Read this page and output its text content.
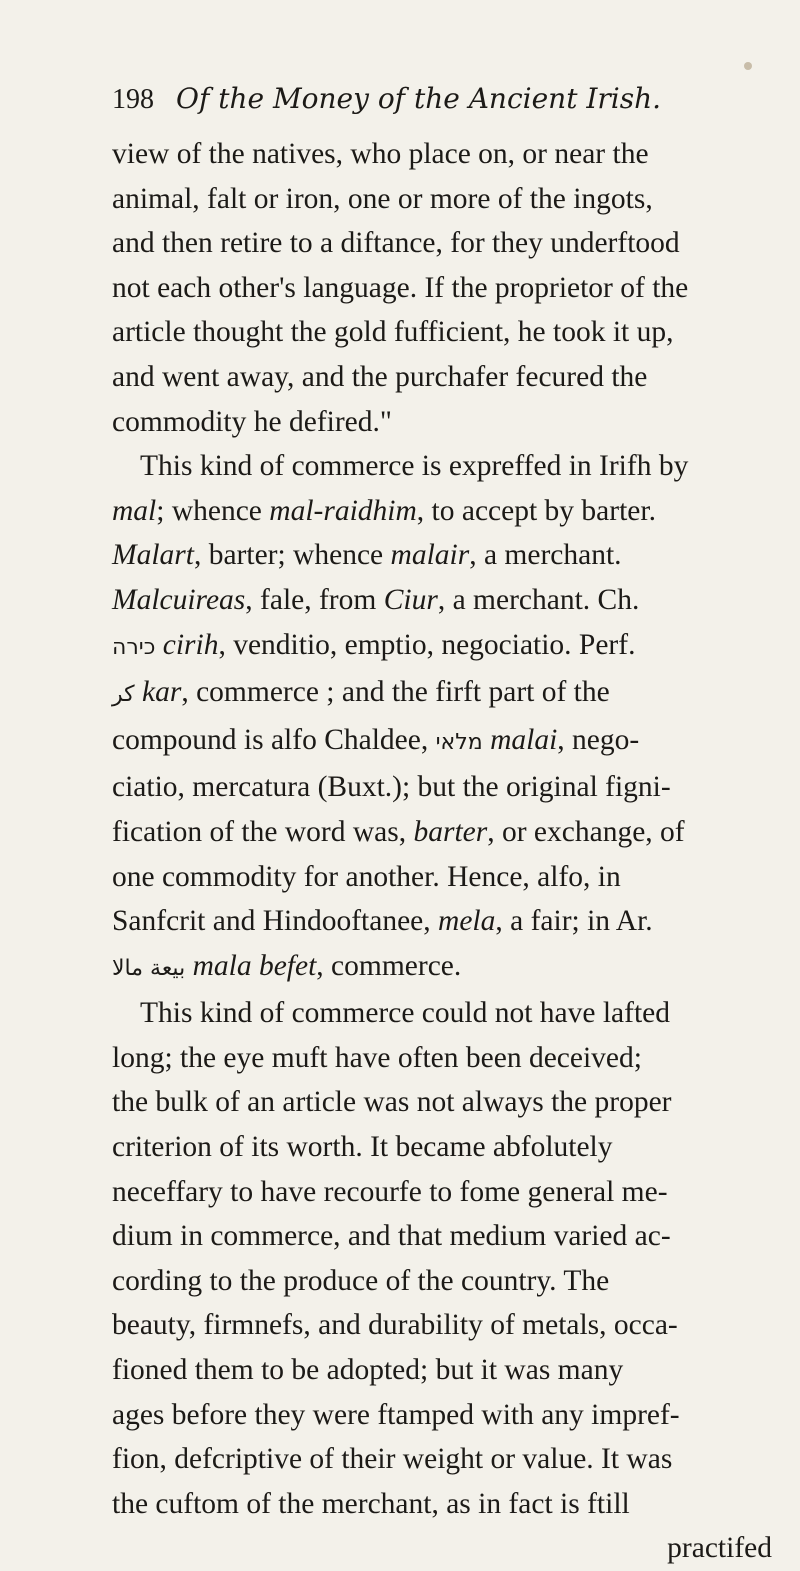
198 Of the Money of the Ancient Irish.
view of the natives, who place on, or near the
animal, falt or iron, one or more of the ingots,
and then retire to a diftance, for they underftood
not each other's language. If the proprietor of the
article thought the gold fufficient, he took it up,
and went away, and the purchafer fecured the
commodity he defired."
This kind of commerce is expreffed in Irifh by
mal; whence mal-raidhim, to accept by barter.
Malart, barter; whence malair, a merchant.
Malcuireas, fale, from Ciur, a merchant. Ch.
כירה cirih, venditio, emptio, negociatio. Perf.
کر kar, commerce ; and the firft part of the
compound is alfo Chaldee, מלאי malai, nego-
ciatio, mercatura (Buxt.); but the original figni-
fication of the word was, barter, or exchange, of
one commodity for another. Hence, alfo, in
Sanfcrit and Hindooftanee, mela, a fair; in Ar.
بيعة مالا mala befet, commerce.
This kind of commerce could not have lafted
long; the eye muft have often been deceived;
the bulk of an article was not always the proper
criterion of its worth. It became abfolutely
neceffary to have recourfe to fome general me-
dium in commerce, and that medium varied ac-
cording to the produce of the country. The
beauty, firmnefs, and durability of metals, occa-
fioned them to be adopted; but it was many
ages before they were ftamped with any impref-
fion, defcriptive of their weight or value. It was
the cuftom of the merchant, as in fact is ftill
practifed
